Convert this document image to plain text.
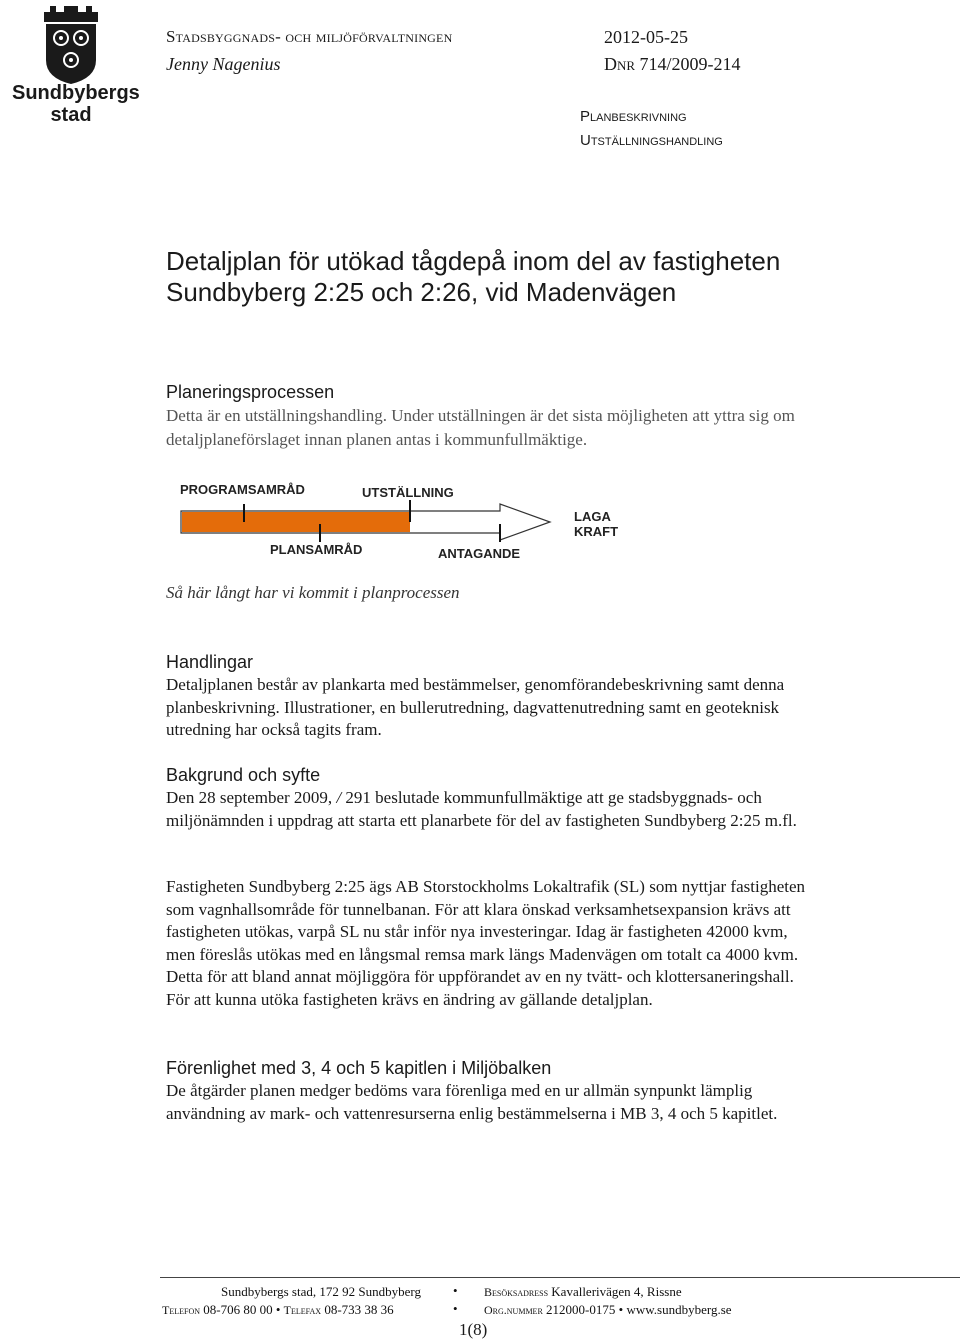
Sundbybergs
stad
Stadsbyggnads- och miljöförvaltningen
Jenny Nagenius
2012-05-25
Dnr 714/2009-214
Planbeskrivning
Utställningshandling
Detaljplan för utökad tågdepå inom del av fastigheten Sundbyberg 2:25 och 2:26, vid Madenvägen
Planeringsprocessen

Detta är en utställningshandling. Under utställningen är det sista möjligheten att yttra sig om detaljplaneförslaget innan planen antas i kommunfullmäktige.

PROGRAMSAMRÅD	UTSTÄLLNING
PLANSAMRÅD	ANTAGANDE
LAGA
KRAFT
Så här långt har vi kommit i planprocessen
Handlingar

Detaljplanen består av plankarta med bestämmelser, genomförandebeskrivning samt denna planbeskrivning. Illustrationer, en bullerutredning, dagvattenutredning samt en geoteknisk utredning har också tagits fram.

Bakgrund och syfte

Den 28 september 2009, / 291 beslutade kommunfullmäktige att ge stadsbyggnads- och miljönämnden i uppdrag att starta ett planarbete för del av fastigheten Sundbyberg 2:25 m.fl.

Fastigheten Sundbyberg 2:25 ägs AB Storstockholms Lokaltrafik (SL) som nyttjar fastigheten som vagnhallsområde för tunnelbanan. För att klara önskad verksamhetsexpansion krävs att fastigheten utökas, varpå SL nu står inför nya investeringar. Idag är fastigheten 42000 kvm, men föreslås utökas med en långsmal remsa mark längs Madenvägen om totalt ca 4000 kvm. Detta för att bland annat möjliggöra för uppförandet av en ny tvätt- och klottersaneringshall. För att kunna utöka fastigheten krävs en ändring av gällande detaljplan.

Förenlighet med 3, 4 och 5 kapitlen i Miljöbalken

De åtgärder planen medger bedöms vara förenliga med en ur allmän synpunkt lämplig användning av mark- och vattenresurserna enlig bestämmelserna i MB 3, 4 och 5 kapitlet.

Sundbybergs stad, 172 92 Sundbyberg • Besöksadress Kavallerivägen 4, Rissne
Telefon 08-706 80 00 • Telefax 08-733 38 36	• Org.nummer 212000-0175 • www.sundbyberg.se
1(8)
